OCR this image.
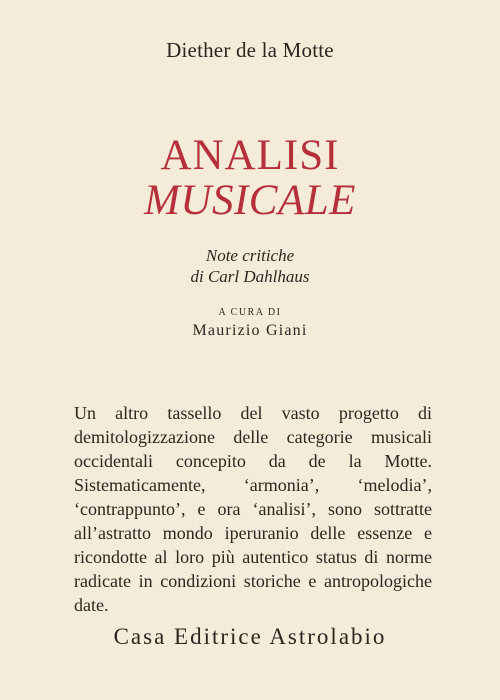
Diether de la Motte
ANALISI
MUSICALE
Note critiche
di Carl Dahlhaus
A CURA DI
Maurizio Giani
Un altro tassello del vasto progetto di demitologizzazione delle categorie musicali occidentali concepito da de la Motte. Sistematicamente, ‘armonia’, ‘melodia’, ‘contrappunto’, e ora ‘analisi’, sono sottratte all’astratto mondo iperuranio delle essenze e ricondotte al loro più autentico status di norme radicate in condizioni storiche e antropologiche date.
Casa Editrice Astrolabio
